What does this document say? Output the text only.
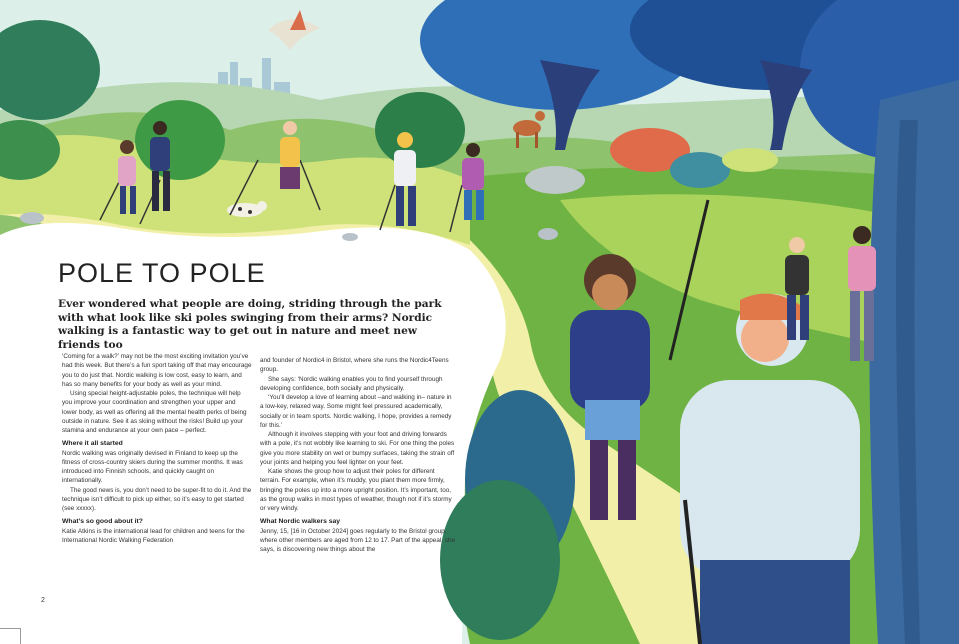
POLE TO POLE

Ever wondered what people are doing, striding through the park with what look like ski poles swinging from their arms? Nordic walking is a fantastic way to get out in nature and meet new friends too

‘Coming for a walk?’ may not be the most exciting invitation you’ve had this week. But there’s a fun sport taking off that may encourage you to do just that. Nordic walking is low cost, easy to learn, and has so many benefits for your body as well as your mind.

Using special height-adjustable poles, the technique will help you improve your coordination and strengthen your upper and lower body, as well as offering all the mental health perks of being outside in nature. See it as skiing without the risks! Build up your stamina and endurance at your own pace – perfect.

Where it all started

Nordic walking was originally devised in Finland to keep up the fitness of cross-country skiers during the summer months. It was introduced into Finnish schools, and quickly caught on internationally.

The good news is, you don’t need to be super-fit to do it. And the technique isn’t difficult to pick up either, so it’s easy to get started (see xxxxx).

What’s so good about it?

Katie Atkins is the international lead for children and teens for the International Nordic Walking Federation

and founder of Nordic4 in Bristol, where she runs the Nordic4Teens group.

She says: ‘Nordic walking enables you to find yourself through developing confidence, both socially and physically.

‘You’ll develop a love of learning about –and walking in– nature in a low-key, relaxed way. Some might feel pressured academically, socially or in team sports. Nordic walking, I hope, provides a remedy for this.’

Although it involves stepping with your foot and driving forwards with a pole, it’s not wobbly like learning to ski. For one thing the poles give you more stability on wet or bumpy surfaces, taking the strain off your joints and helping you feel lighter on your feet.

Katie shows the group how to adjust their poles for different terrain. For example, when it’s muddy, you plant them more firmly, bringing the poles up into a more upright position. It’s important, too, as the group walks in most types of weather, though not if it’s stormy or very windy.

What Nordic walkers say

Jenny, 15, [16 in October 2024] goes regularly to the Bristol group, where other members are aged from 12 to 17. Part of the appeal, she says, is discovering new things about the

2
